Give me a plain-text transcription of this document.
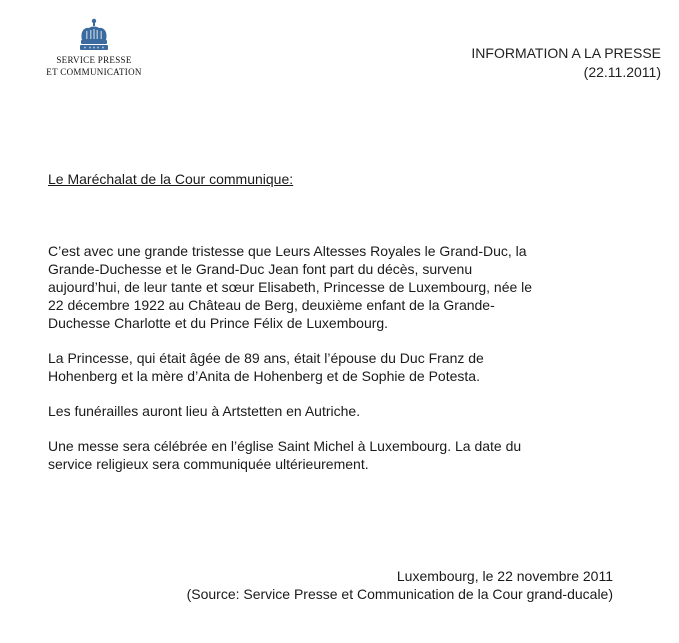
SERVICE PRESSE
ET COMMUNICATION
INFORMATION A LA PRESSE
(22.11.2011)
Le Maréchalat de la Cour communique:

C’est avec une grande tristesse que Leurs Altesses Royales le Grand-Duc, la
Grande-Duchesse et le Grand-Duc Jean font part du décès, survenu
aujourd’hui, de leur tante et sœur Elisabeth, Princesse de Luxembourg, née le
22 décembre 1922 au Château de Berg, deuxième enfant de la Grande-
Duchesse Charlotte et du Prince Félix de Luxembourg.

La Princesse, qui était âgée de 89 ans, était l’épouse du Duc Franz de
Hohenberg et la mère d’Anita de Hohenberg et de Sophie de Potesta.

Les funérailles auront lieu à Artstetten en Autriche.

Une messe sera célébrée en l’église Saint Michel à Luxembourg. La date du
service religieux sera communiquée ultérieurement.

Luxembourg, le 22 novembre 2011
(Source: Service Presse et Communication de la Cour grand-ducale)
